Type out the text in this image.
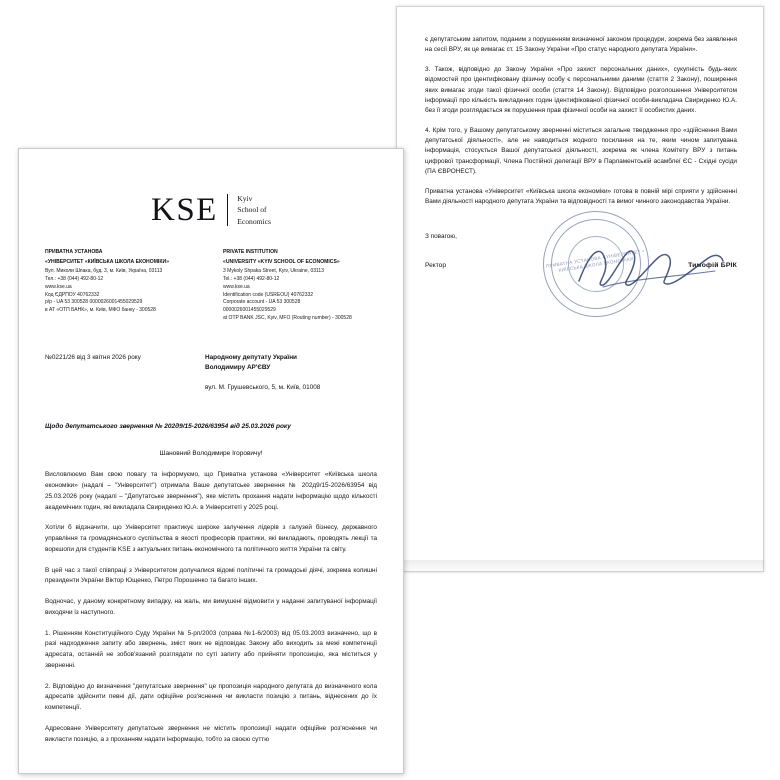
є депутатським запитом, поданим з порушенням визначеної законом процедури, зокрема без заявлення на сесії ВРУ, як це вимагає ст. 15 Закону України «Про статус народного депутата України».

3. Також, відповідно до Закону України «Про захист персональних даних», сукупність будь-яких відомостей про ідентифіковану фізичну особу є персональними даними (стаття 2 Закону), поширення яких вимагає згоди такої фізичної особи (стаття 14 Закону). Відповідно розголошення Університетом інформації про кількість викладених годин ідентифікованої фізичної особи-викладача Свириденко Ю.А. без її згоди розглядається як порушення прав фізичної особи на захист її особистих даних.

4. Крім того, у Вашому депутатському зверненні міститься загальне твердження про «здійснення Вами депутатської діяльності», але не наводиться жодного посилання на те, яким чином запитувана інформація, стосується Вашої депутатської діяльності, зокрема як члена Комітету ВРУ з питань цифрової трансформації, Члена Постійної делегації ВРУ в Парламентській асамблеї ЄС - Східні сусіди (ПА ЄВРОНЕСТ).

Приватна установа «Університет «Київська школа економіки» готова в повній мірі сприяти у здійсненні Вами діяльності народного депутата України та відповідності та вимог чинного законодавства України.

З повагою,
Ректор	Тимофій БРІК
ПРИВАТНА УСТАНОВА • УНІВЕРСИТЕТ • КИЇВСЬКА ШКОЛА ЕКОНОМІКИ
KSE	Kyiv
School of
Economics
ПРИВАТНА УСТАНОВА
«УНІВЕРСИТЕТ «КИЇВСЬКА ШКОЛА ЕКОНОМІКИ»
Вул. Миколи Шпака, буд. 3, м. Київ, Україна, 03113
Тел.: +38 (044) 492-80-12
www.kse.ua
Код ЄДРПОУ 40762332
р/р - UA 53 300528 0000026001455029529
в АТ «ОТП БАНК», м. Київ, МФО банку - 300528
PRIVATE INSTITUTION
«UNIVERSITY «KYIV SCHOOL OF ECONOMICS»
3 Mykoly Shpaka Street, Kyiv, Ukraine, 03113
Tel.: +38 (044) 492-80-12
www.kse.ua
Identification code (USREOU) 40762332
Corporate account - UA 53 300528
0000026001455029529
at OTP BANK JSC, Kyiv, MFO (Routing number) - 300528
№0221/26 від 3 квітня 2026 року	Народному депутату України
Володимиру АР'ЄВУ
вул. М. Грушевського, 5, м. Київ, 01008
Щодо депутатського звернення № 202д9/15-2026/63954 від 25.03.2026 року
Шановний Володимире Ігоровичу!

Висловлюємо Вам свою повагу та інформуємо, що Приватна установа «Університет «Київська школа економіки» (надалі – "Університет") отримала Ваше депутатське звернення № 202д9/15-2026/63954 від 25.03.2026 року (надалі – "Депутатське звернення"), яке містить прохання надати інформацію щодо кількості академічних годин, які викладала Свириденко Ю.А. в Університеті у 2025 році.

Хотіли б відзначити, що Університет практикує широке залучення лідерів з галузей бізнесу, державного управління та громадянського суспільства в якості професорів практики, які викладають, проводять лекції та воркшопи для студентів KSE з актуальних питань економічного та політичного життя України та світу.

В цей час з такої співпраці з Університетом долучалися відомі політичні та громадські діячі, зокрема колишні президенти України Віктор Ющенко, Петро Порошенко та багато інших.

Водночас, у даному конкретному випадку, на жаль, ми вимушені відмовити у наданні запитуваної інформації виходячи із наступного.

1. Рішенням Конституційного Суду України № 5-рп/2003 (справа №1-6/2003) від 05.03.2003 визначено, що в разі надходження запиту або звернень, зміст яких не відповідає Закону або виходить за межі компетенції адресата, останній не зобов'язаний розглядати по суті запиту або прийняти пропозицію, яка міститься у зверненні.

2. Відповідно до визначення "депутатське звернення" це пропозиція народного депутата до визначеного кола адресатів здійснити певні дії, дати офіційне роз'яснення чи викласти позицію з питань, віднесених до їх компетенції.

Адресоване Університету депутатське звернення не містить пропозиції надати офіційне роз'яснення чи викласти позицію, а з проханням надати інформацію, тобто за своєю суттю
